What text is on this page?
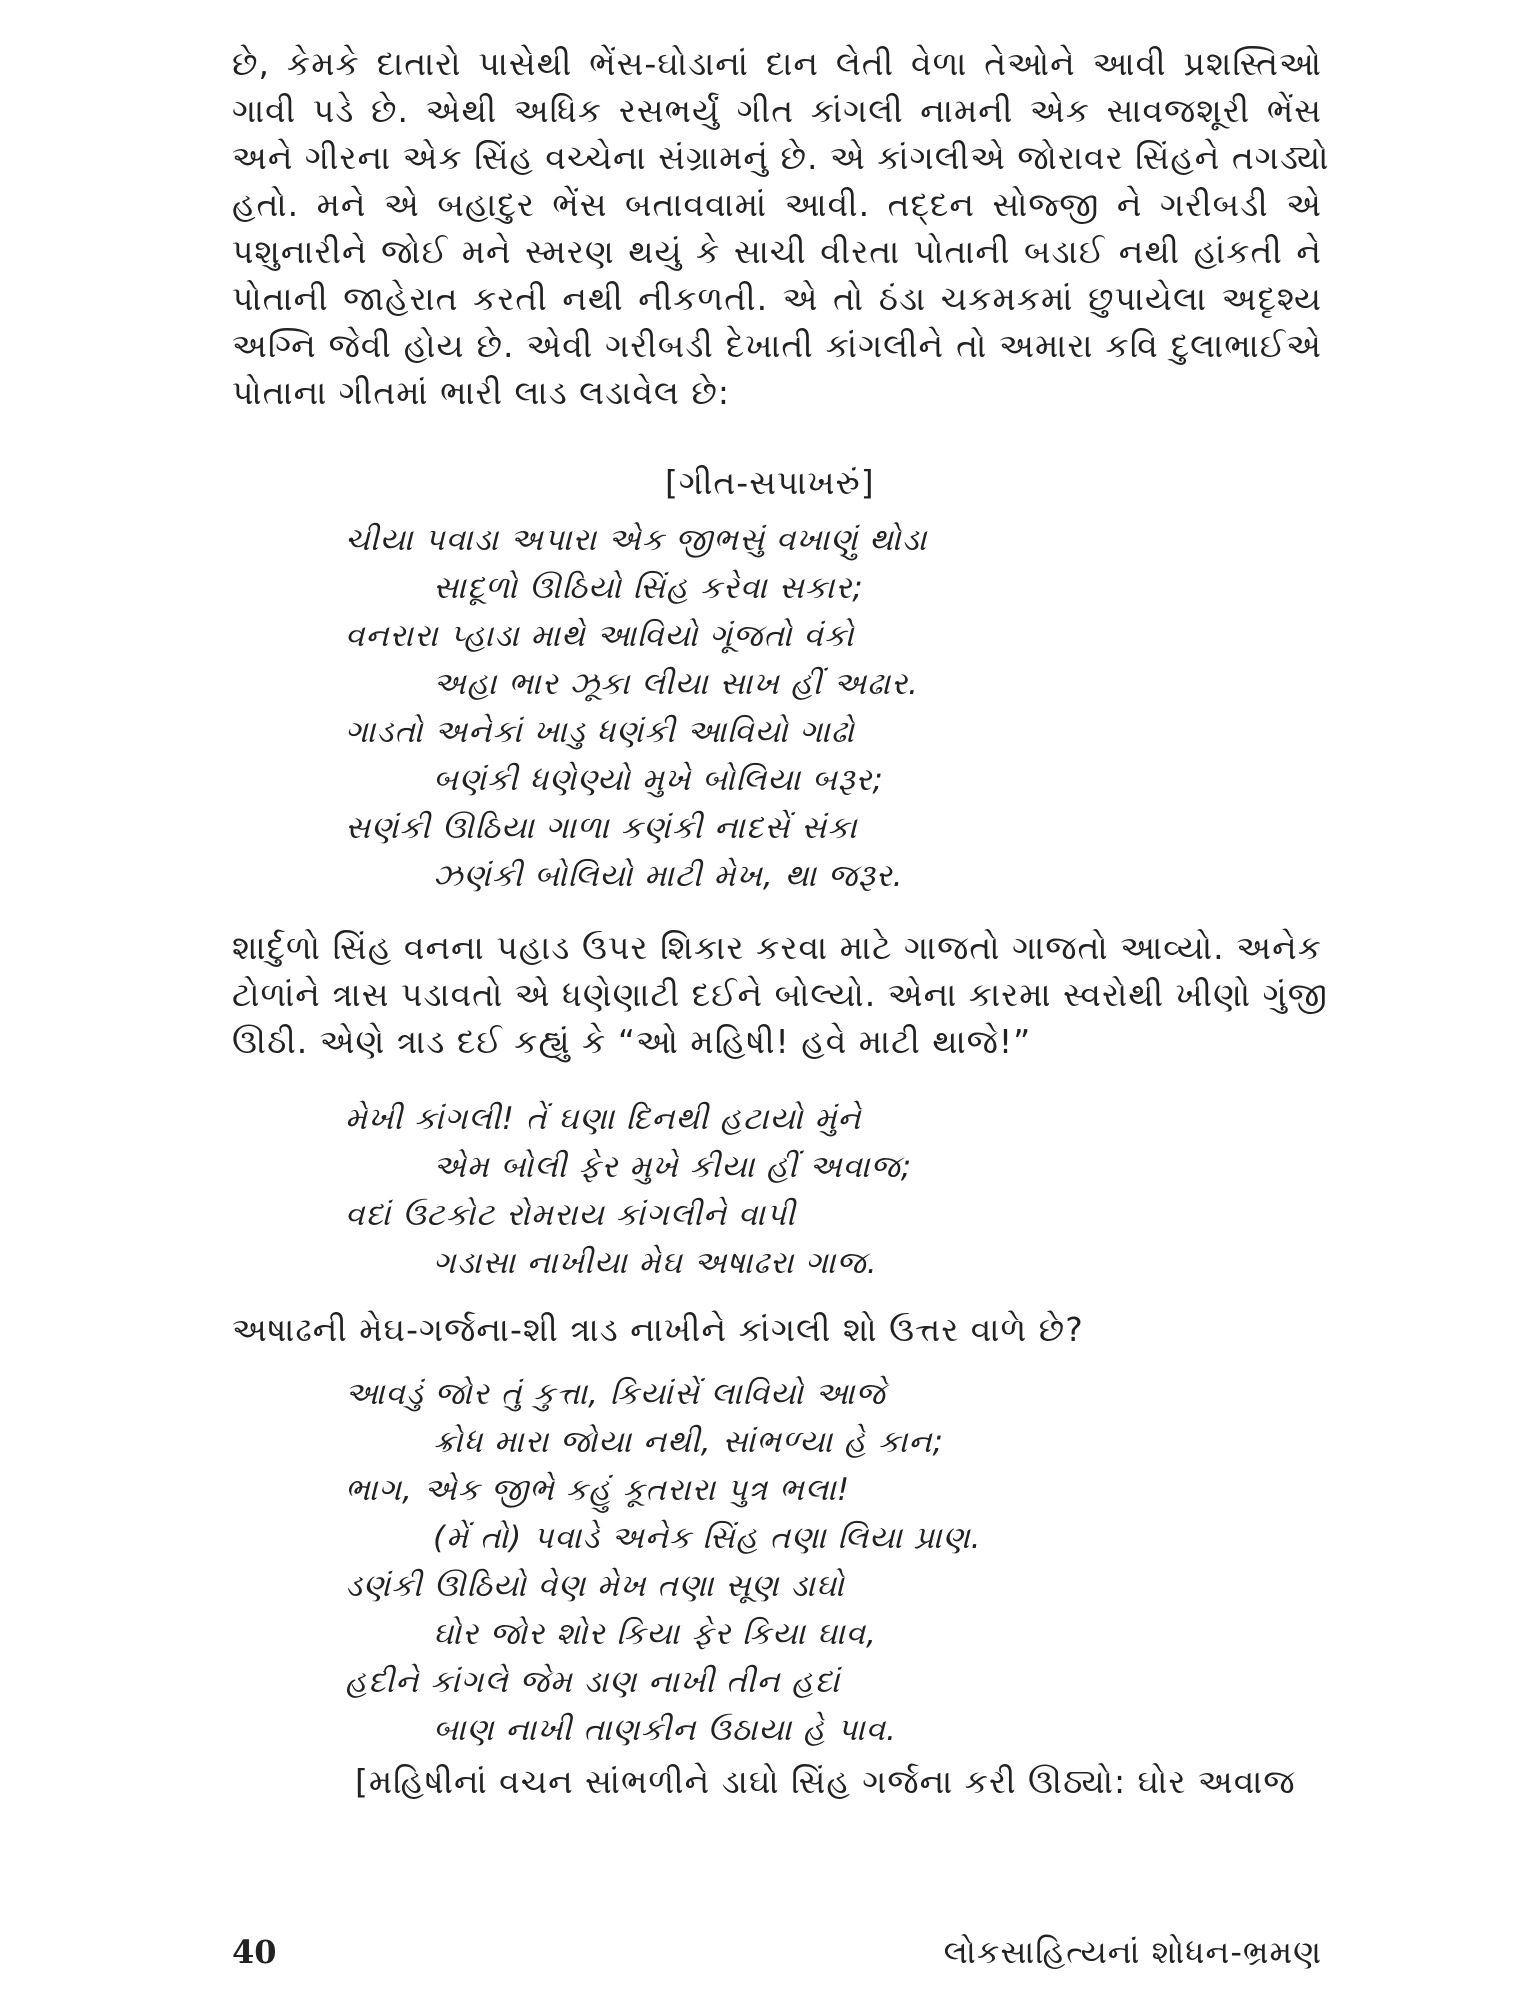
છે, કેમકે દાતારો પાસેથી ભેંસ-ઘોડાનાં દાન લેતી વેળા તેઓને આવી પ્રશસ્તિઓ
ગાવી પડે છે. એથી અધિક રસભર્યું ગીત કાંગલી નામની એક સાવજશૂરી ભેંસ
અને ગીરના એક સિંહ વચ્ચેના સંગ્રામનું છે. એ કાંગલીએ જોરાવર સિંહને તગડ્યો
હતો. મને એ બહાદુર ભેંસ બતાવવામાં આવી. તદ્દન સોજ્જી ને ગરીબડી એ
પશુનારીને જોઈ મને સ્મરણ થયું કે સાચી વીરતા પોતાની બડાઈ નથી હાંકતી ને
પોતાની જાહેરાત કરતી નથી નીકળતી. એ તો ઠંડા ચકમકમાં છુપાયેલા અદૃશ્ય
અગ્નિ જેવી હોય છે. એવી ગરીબડી દેખાતી કાંગલીને તો અમારા કવિ દુલાભાઈએ
પોતાના ગીતમાં ભારી લાડ લડાવેલ છે:
[ગીત-સપાખરું]
ચીયા પવાડા અપારા એક જીભસું વખાણું થોડા
સાદૂળો ઊઠિયો સિંહ કરેવા સકાર;
વનરારા પ્હાડા માથે આવિયો ગૂંજતો વંકો
અહા ભાર ઝૂકા લીયા સાખ હીં અઢાર.
ગાડતો અનેકાં ખાડુ ધણંકી આવિયો ગાઢો
બણંકી ધણેણ્યો મુખે બોલિયા બરૂર;
સણંકી ઊઠિયા ગાળા કણંકી નાદસેં સંકા
ઝણંકી બોલિયો માટી મેખ, થા જરૂર.
શાર્દુળો સિંહ વનના પહાડ ઉપર શિકાર કરવા માટે ગાજતો ગાજતો આવ્યો. અનેક
ટોળાંને ત્રાસ પડાવતો એ ધણેણાટી દઈને બોલ્યો. એના કારમા સ્વરોથી ખીણો ગુંજી
ઊઠી. એણે ત્રાડ દઈ કહ્યું કે “ઓ મહિષી! હવે માટી થાજે!”
મેખી કાંગલી! તેં ઘણા દિનથી હટાયો મુંને
એમ બોલી ફેર મુખે કીયા હીં અવાજ;
વદાં ઉટકોટ રોમરાય કાંગલીને વાપી
ગડાસા નાખીયા મેઘ અષાઢરા ગાજ.
અષાઢની મેઘ-ગર્જના-શી ત્રાડ નાખીને કાંગલી શો ઉત્તર વાળે છે?
આવડું જોર તું કુત્તા, કિયાંસેં લાવિયો આજે
ક્રોધ મારા જોયા નથી, સાંભળ્યા હે કાન;
ભાગ, એક જીભે કહું કૂતરારા પુત્ર ભલા!
(મેં તો) પવાડે અનેક સિંહ તણા લિયા પ્રાણ.
ડણંકી ઊઠિયો વેણ મેખ તણા સૂણ ડાઘો
ઘોર જોર શોર કિયા ફેર કિયા ઘાવ,
હદીને કાંગલે જેમ ડાણ નાખી તીન હદાં
બાણ નાખી તાણકીન ઉઠાયા હે પાવ.
[મહિષીનાં વચન સાંભળીને ડાઘો સિંહ ગર્જના કરી ઊઠ્યો: ઘોર અવાજ
40	લોકસાહિત્યનાં શોધન-ભ્રમણ
